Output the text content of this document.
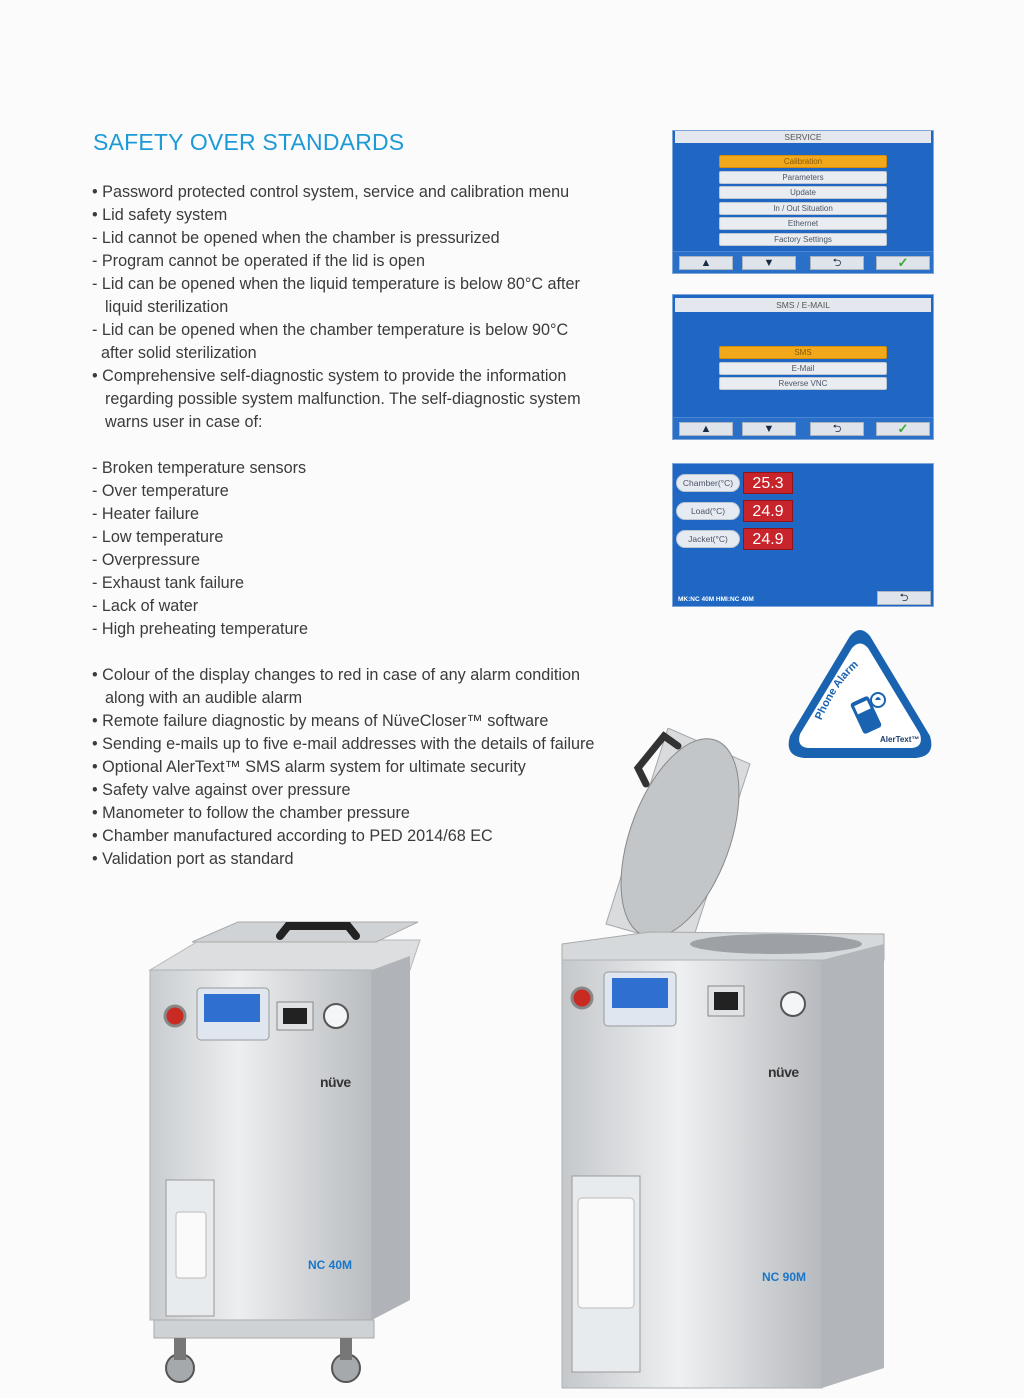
SAFETY OVER STANDARDS
• Password protected control system, service and calibration menu
• Lid safety system
- Lid cannot be opened when the chamber is pressurized
- Program cannot be operated if the lid is open
- Lid can be opened when the liquid temperature is below 80°C after
liquid sterilization
- Lid can be opened when the chamber temperature is below 90°C
after solid sterilization
• Comprehensive self-diagnostic system to provide the information
regarding possible system malfunction. The self-diagnostic system
warns user in case of:
- Broken temperature sensors
- Over temperature
- Heater failure
- Low temperature
- Overpressure
- Exhaust tank failure
- Lack of water
- High preheating temperature
• Colour of the display changes to red in case of any alarm condition
along with an audible alarm
• Remote failure diagnostic by means of NüveCloser™ software
• Sending e-mails up to five e-mail addresses with the details of failure
• Optional AlerText™ SMS alarm system for ultimate security
• Safety valve against over pressure
• Manometer to follow the chamber pressure
• Chamber manufactured according to PED 2014/68 EC
• Validation port as standard
SERVICE
Calibration
Parameters
Update
In / Out Situation
Ethernet
Factory Settings
▲	▼	⮌	✓
SMS / E-MAIL
SMS
E-Mail
Reverse VNC
▲	▼	⮌	✓
Chamber(°C)	25.3
Load(°C)	24.9
Jacket(°C)	24.9
MK:NC 40M HMI:NC 40M	⮌
Phone Alarm
AlerText™
nüve
NC 40M
nüve
NC 90M
